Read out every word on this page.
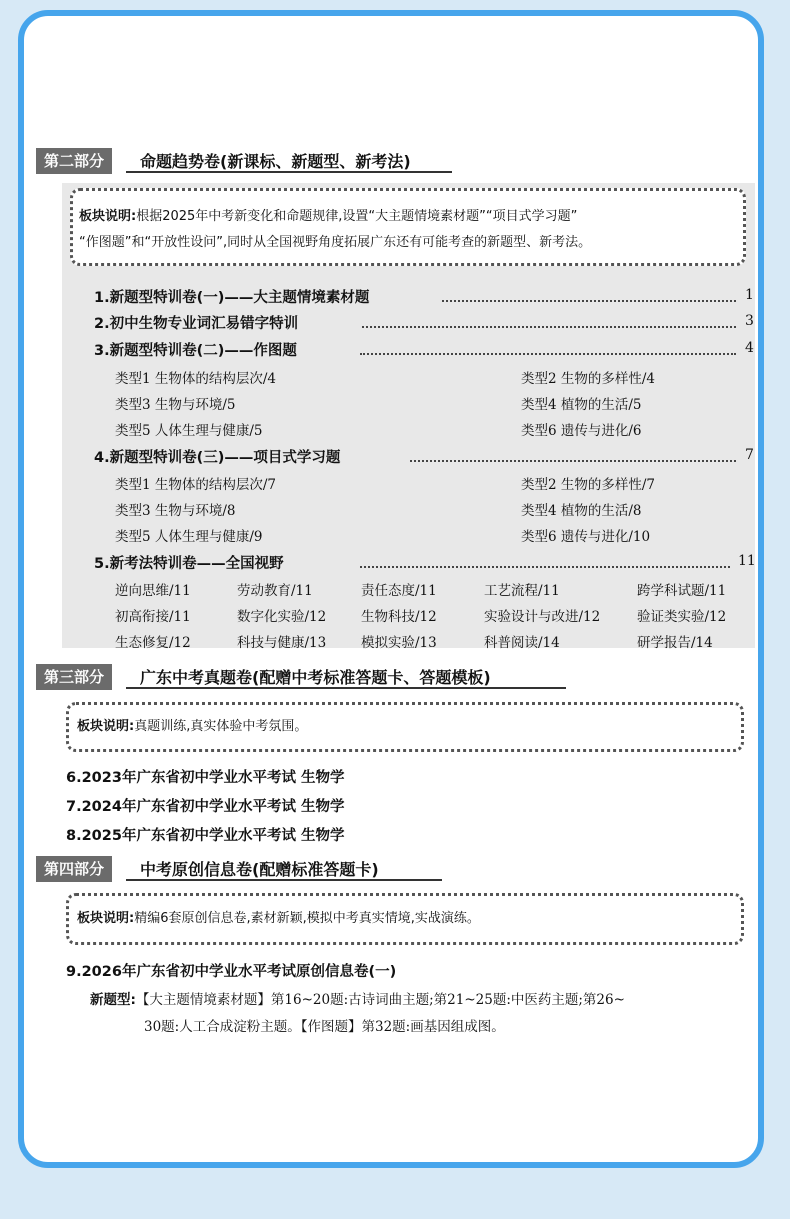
第二部分	命题趋势卷(新课标、新题型、新考法)
板块说明:根据2025年中考新变化和命题规律,设置“大主题情境素材题”“项目式学习题”
“作图题”和“开放性设问”,同时从全国视野角度拓展广东还有可能考查的新题型、新考法。
1.新题型特训卷(一)——大主题情境素材题	1
2.初中生物专业词汇易错字特训	3
3.新题型特训卷(二)——作图题	4
类型1 生物体的结构层次/4	类型2 生物的多样性/4
类型3 生物与环境/5	类型4 植物的生活/5
类型5 人体生理与健康/5	类型6 遗传与进化/6
4.新题型特训卷(三)——项目式学习题	7
类型1 生物体的结构层次/7	类型2 生物的多样性/7
类型3 生物与环境/8	类型4 植物的生活/8
类型5 人体生理与健康/9	类型6 遗传与进化/10
5.新考法特训卷——全国视野	11
逆向思维/11	劳动教育/11	责任态度/11	工艺流程/11	跨学科试题/11
初高衔接/11	数字化实验/12	生物科技/12	实验设计与改进/12	验证类实验/12
生态修复/12	科技与健康/13	模拟实验/13	科普阅读/14	研学报告/14
第三部分	广东中考真题卷(配赠中考标准答题卡、答题模板)
板块说明:真题训练,真实体验中考氛围。
6.2023年广东省初中学业水平考试 生物学
7.2024年广东省初中学业水平考试 生物学
8.2025年广东省初中学业水平考试 生物学
第四部分	中考原创信息卷(配赠标准答题卡)
板块说明:精编6套原创信息卷,素材新颖,模拟中考真实情境,实战演练。
9.2026年广东省初中学业水平考试原创信息卷(一)
新题型:【大主题情境素材题】第16~20题:古诗词曲主题;第21~25题:中医药主题;第26~
30题:人工合成淀粉主题。【作图题】第32题:画基因组成图。
